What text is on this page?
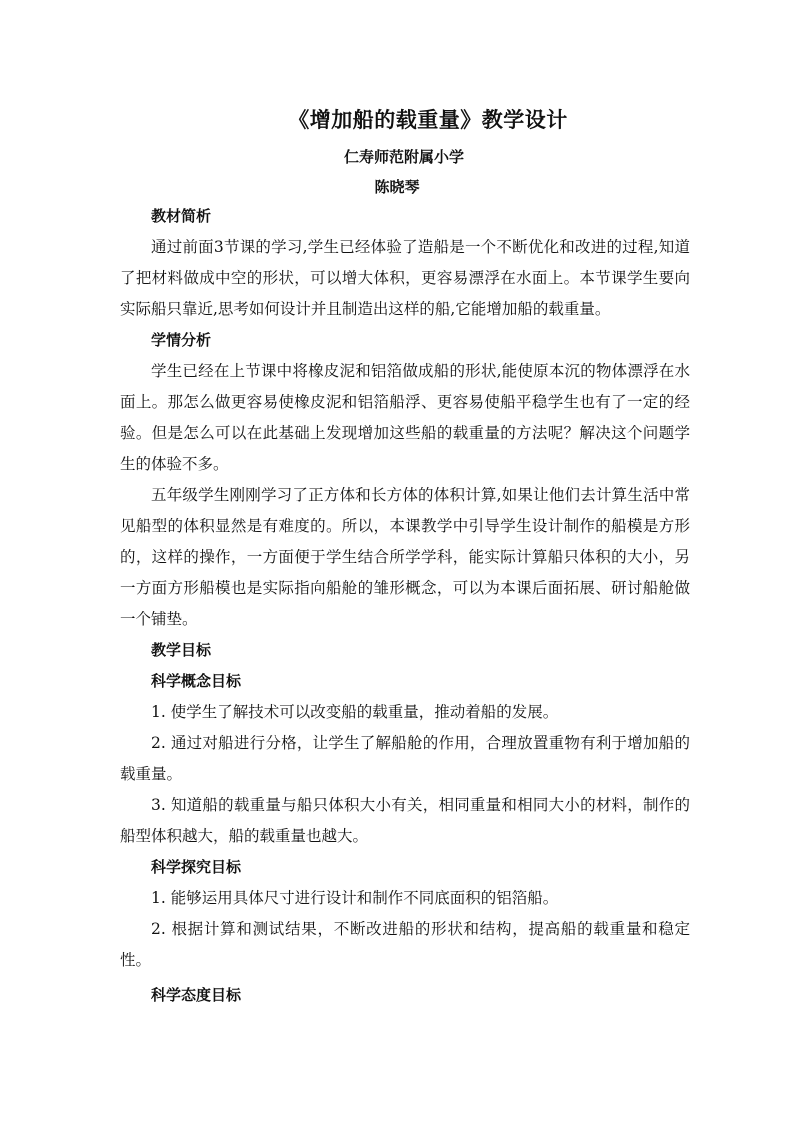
《增加船的载重量》教学设计
仁寿师范附属小学
陈晓琴
教材简析

通过前面3节课的学习,学生已经体验了造船是一个不断优化和改进的过程,知道了把材料做成中空的形状，可以增大体积，更容易漂浮在水面上。本节课学生要向实际船只靠近,思考如何设计并且制造出这样的船,它能增加船的载重量。

学情分析

学生已经在上节课中将橡皮泥和铝箔做成船的形状,能使原本沉的物体漂浮在水面上。那怎么做更容易使橡皮泥和铝箔船浮、更容易使船平稳学生也有了一定的经验。但是怎么可以在此基础上发现增加这些船的载重量的方法呢？解决这个问题学生的体验不多。

五年级学生刚刚学习了正方体和长方体的体积计算,如果让他们去计算生活中常见船型的体积显然是有难度的。所以，本课教学中引导学生设计制作的船模是方形的，这样的操作，一方面便于学生结合所学学科，能实际计算船只体积的大小，另一方面方形船模也是实际指向船舱的雏形概念，可以为本课后面拓展、研讨船舱做一个铺垫。

教学目标
科学概念目标

1. 使学生了解技术可以改变船的载重量，推动着船的发展。

2. 通过对船进行分格，让学生了解船舱的作用，合理放置重物有利于增加船的载重量。

3. 知道船的载重量与船只体积大小有关，相同重量和相同大小的材料，制作的船型体积越大，船的载重量也越大。

科学探究目标

1. 能够运用具体尺寸进行设计和制作不同底面积的铝箔船。

2. 根据计算和测试结果，不断改进船的形状和结构，提高船的载重量和稳定性。

科学态度目标
